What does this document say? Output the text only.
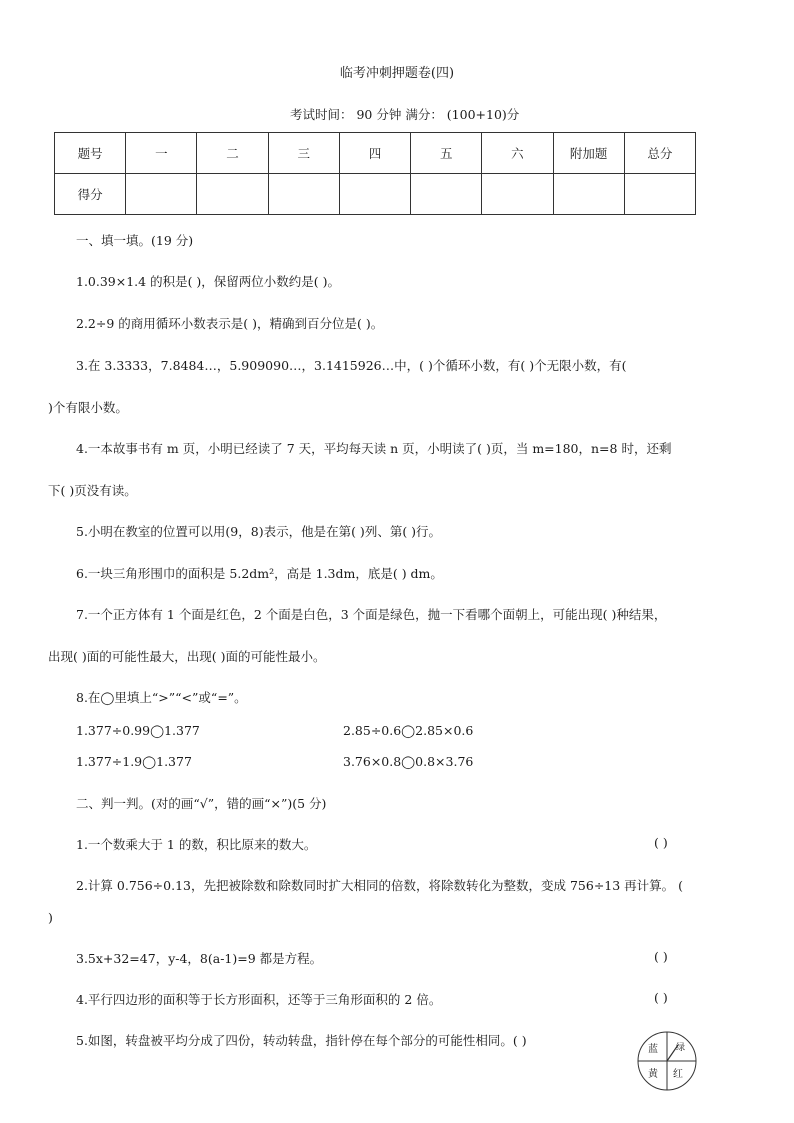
临考冲刺押题卷(四)
考试时间： 90 分钟 满分： (100+10)分
题号	一	二	三	四	五	六	附加题	总分
得分								
一、填一填。(19 分)
1.0.39×1.4 的积是( )，保留两位小数约是( )。
2.2÷9 的商用循环小数表示是( )，精确到百分位是( )。
3.在 3.3333，7.8484…，5.909090…，3.1415926…中，( )个循环小数，有( )个无限小数，有(
)个有限小数。
4.一本故事书有 m 页，小明已经读了 7 天，平均每天读 n 页，小明读了( )页，当 m=180，n=8 时，还剩
下( )页没有读。
5.小明在教室的位置可以用(9，8)表示，他是在第( )列、第( )行。
6.一块三角形围巾的面积是 5.2dm²，高是 1.3dm，底是( ) dm。
7.一个正方体有 1 个面是红色，2 个面是白色，3 个面是绿色，抛一下看哪个面朝上，可能出现( )种结果，
出现( )面的可能性最大，出现( )面的可能性最小。
8.在◯里填上“>”“<”或“=”。
1.377÷0.99◯1.377	2.85÷0.6◯2.85×0.6
1.377÷1.9◯1.377	3.76×0.8◯0.8×3.76
二、判一判。(对的画“√”，错的画“×”)(5 分)
1.一个数乘大于 1 的数，积比原来的数大。	( )
2.计算 0.756÷0.13，先把被除数和除数同时扩大相同的倍数，将除数转化为整数，变成 756÷13 再计算。 (
)
3.5x+32=47，y-4，8(a-1)=9 都是方程。	( )
4.平行四边形的面积等于长方形面积，还等于三角形面积的 2 倍。	( )
5.如图，转盘被平均分成了四份，转动转盘，指针停在每个部分的可能性相同。( )
蓝 绿
黄 红
